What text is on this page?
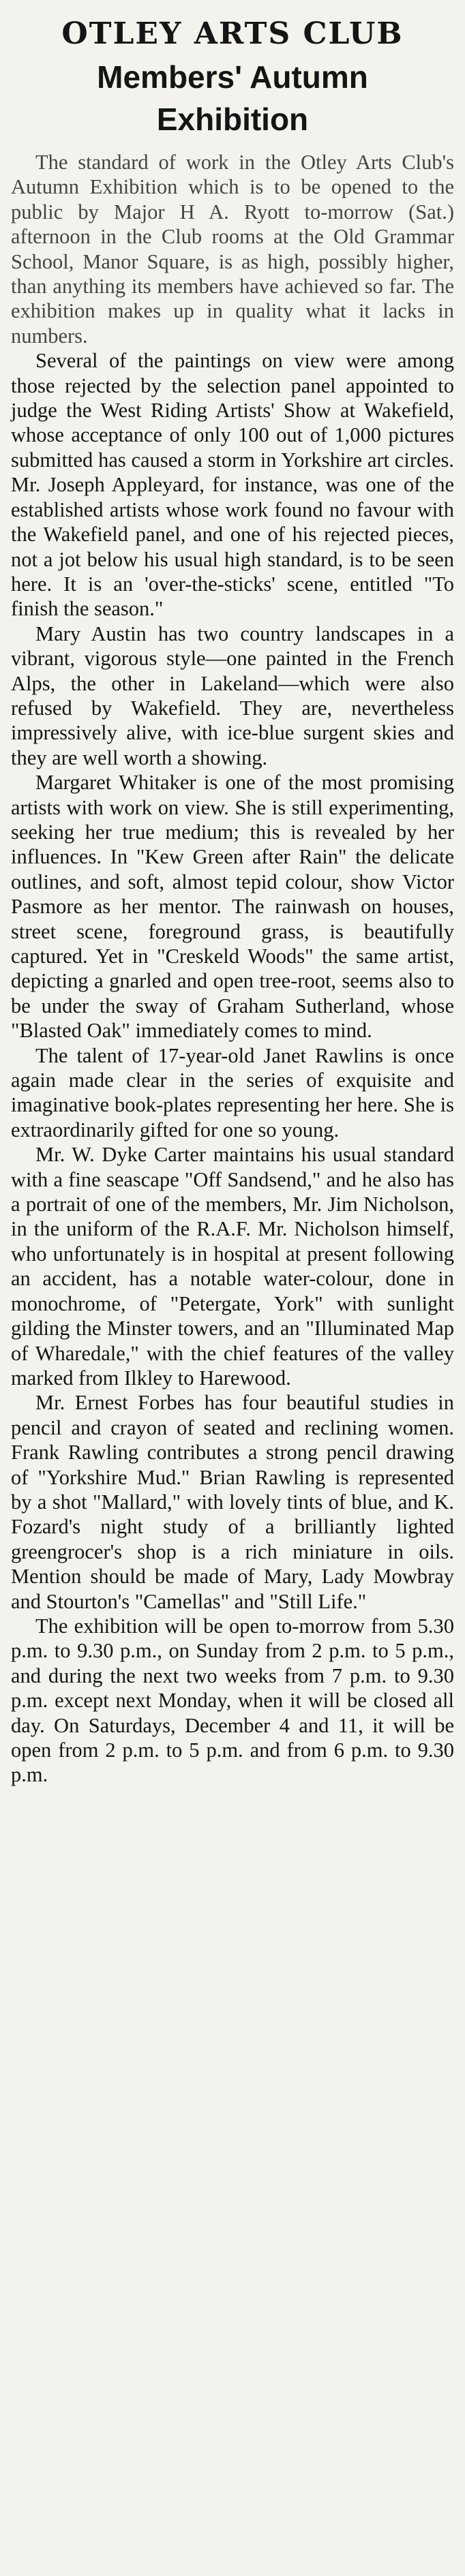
OTLEY ARTS CLUB
Members' Autumn
Exhibition

The standard of work in the Otley Arts Club's Autumn Exhibition which is to be opened to the public by Major H A. Ryott to-morrow (Sat.) afternoon in the Club rooms at the Old Grammar School, Manor Square, is as high, possibly higher, than anything its members have achieved so far. The exhibition makes up in quality what it lacks in numbers.

Several of the paintings on view were among those rejected by the selection panel appointed to judge the West Riding Artists' Show at Wakefield, whose acceptance of only 100 out of 1,000 pictures submitted has caused a storm in Yorkshire art circles. Mr. Joseph Appleyard, for instance, was one of the established artists whose work found no favour with the Wakefield panel, and one of his rejected pieces, not a jot below his usual high standard, is to be seen here. It is an 'over-the-sticks' scene, entitled "To finish the season."

Mary Austin has two country landscapes in a vibrant, vigorous style—one painted in the French Alps, the other in Lakeland—which were also refused by Wakefield. They are, nevertheless impressively alive, with ice-blue surgent skies and they are well worth a showing.

Margaret Whitaker is one of the most promising artists with work on view. She is still experimenting, seeking her true medium; this is revealed by her influences. In "Kew Green after Rain" the delicate outlines, and soft, almost tepid colour, show Victor Pasmore as her mentor. The rainwash on houses, street scene, foreground grass, is beautifully captured. Yet in "Creskeld Woods" the same artist, depicting a gnarled and open tree-root, seems also to be under the sway of Graham Sutherland, whose "Blasted Oak" immediately comes to mind.

The talent of 17-year-old Janet Rawlins is once again made clear in the series of exquisite and imaginative book-plates representing her here. She is extraordinarily gifted for one so young.

Mr. W. Dyke Carter maintains his usual standard with a fine seascape "Off Sandsend," and he also has a portrait of one of the members, Mr. Jim Nicholson, in the uniform of the R.A.F. Mr. Nicholson himself, who unfortunately is in hospital at present following an accident, has a notable water-colour, done in monochrome, of "Petergate, York" with sunlight gilding the Minster towers, and an "Illuminated Map of Wharedale," with the chief features of the valley marked from Ilkley to Harewood.

Mr. Ernest Forbes has four beautiful studies in pencil and crayon of seated and reclining women. Frank Rawling contributes a strong pencil drawing of "Yorkshire Mud." Brian Rawling is represented by a shot "Mallard," with lovely tints of blue, and K. Fozard's night study of a brilliantly lighted greengrocer's shop is a rich miniature in oils. Mention should be made of Mary, Lady Mowbray and Stourton's "Camellas" and "Still Life."

The exhibition will be open to-morrow from 5.30 p.m. to 9.30 p.m., on Sunday from 2 p.m. to 5 p.m., and during the next two weeks from 7 p.m. to 9.30 p.m. except next Monday, when it will be closed all day. On Saturdays, December 4 and 11, it will be open from 2 p.m. to 5 p.m. and from 6 p.m. to 9.30 p.m.
